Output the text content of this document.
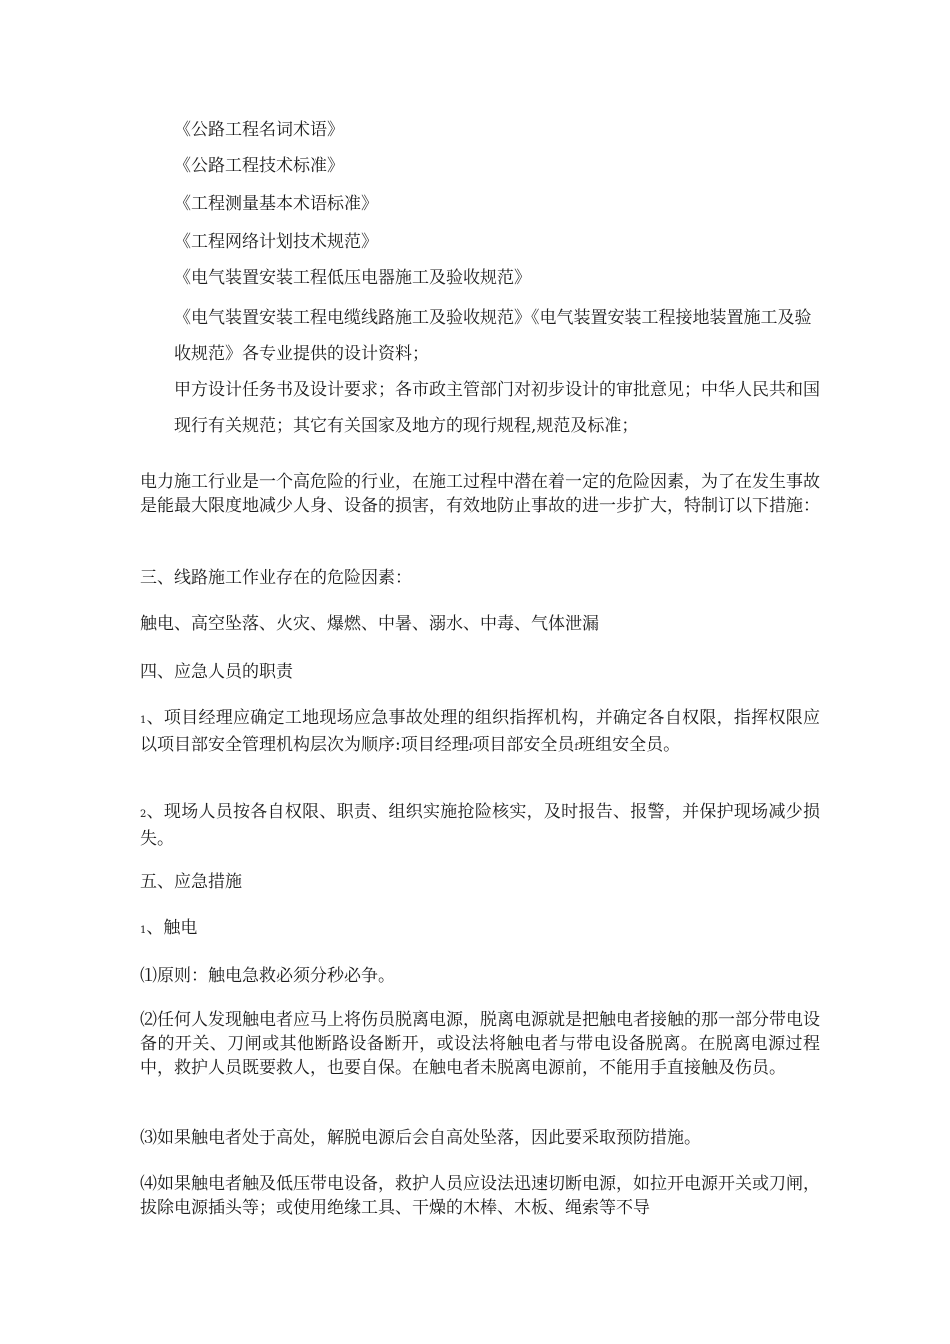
《公路工程名词术语》

《公路工程技术标准》

《工程测量基本术语标准》

《工程网络计划技术规范》

《电气装置安装工程低压电器施工及验收规范》

《电气装置安装工程电缆线路施工及验收规范》《电气装置安装工程接地装置施工及验收规范》各专业提供的设计资料；

甲方设计任务书及设计要求；各市政主管部门对初步设计的审批意见；中华人民共和国现行有关规范；其它有关国家及地方的现行规程,规范及标准；

电力施工行业是一个高危险的行业，在施工过程中潜在着一定的危险因素，为了在发生事故是能最大限度地减少人身、设备的损害，有效地防止事故的进一步扩大，特制订以下措施：

三、线路施工作业存在的危险因素：

触电、高空坠落、火灾、爆燃、中暑、溺水、中毒、气体泄漏

四、应急人员的职责

1、项目经理应确定工地现场应急事故处理的组织指挥机构，并确定各自权限，指挥权限应以项目部安全管理机构层次为顺序:项目经理f项目部安全员f班组安全员。

2、现场人员按各自权限、职责、组织实施抢险核实，及时报告、报警，并保护现场减少损失。

五、应急措施

1、触电

⑴原则：触电急救必须分秒必争。

⑵任何人发现触电者应马上将伤员脱离电源，脱离电源就是把触电者接触的那一部分带电设备的开关、刀闸或其他断路设备断开，或设法将触电者与带电设备脱离。在脱离电源过程中，救护人员既要救人，也要自保。在触电者未脱离电源前，不能用手直接触及伤员。

⑶如果触电者处于高处，解脱电源后会自高处坠落，因此要采取预防措施。

⑷如果触电者触及低压带电设备，救护人员应设法迅速切断电源，如拉开电源开关或刀闸，拔除电源插头等；或使用绝缘工具、干燥的木棒、木板、绳索等不导
